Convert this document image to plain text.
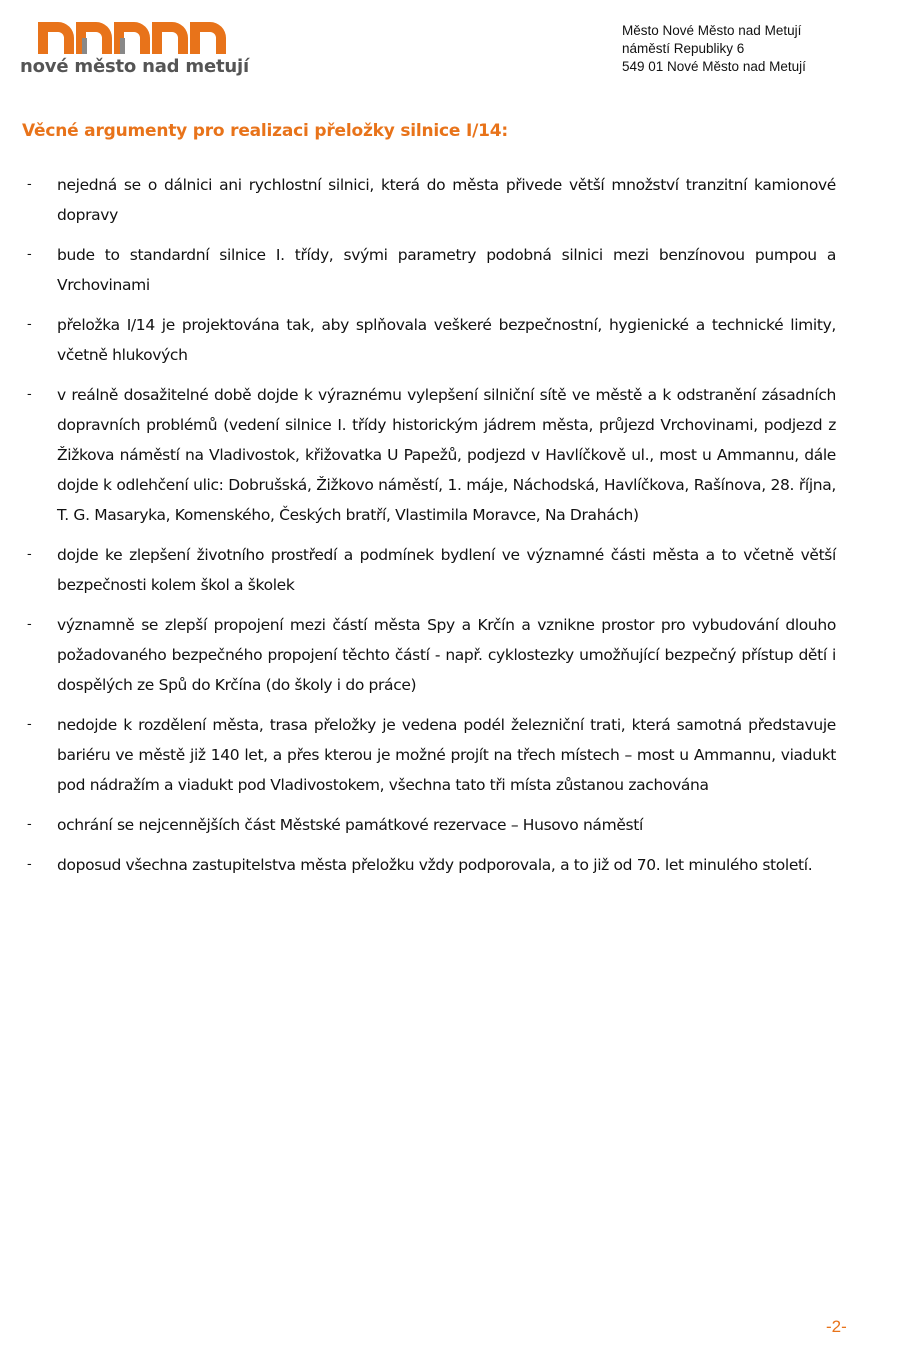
nové město nad metují
Město Nové Město nad Metují
náměstí Republiky 6
549 01 Nové Město nad Metují
Věcné argumenty pro realizaci přeložky silnice I/14:
- nejedná se o dálnici ani rychlostní silnici, která do města přivede větší množství tranzitní kamionové dopravy
- bude to standardní silnice I. třídy, svými parametry podobná silnici mezi benzínovou pumpou a Vrchovinami
- přeložka I/14 je projektována tak, aby splňovala veškeré bezpečnostní, hygienické a technické limity, včetně hlukových
- v reálně dosažitelné době dojde k výraznému vylepšení silniční sítě ve městě a k odstranění zásadních dopravních problémů (vedení silnice I. třídy historickým jádrem města, průjezd Vrchovinami, podjezd z Žižkova náměstí na Vladivostok, křižovatka U Papežů, podjezd v Havlíčkově ul., most u Ammannu, dále dojde k odlehčení ulic: Dobrušská, Žižkovo náměstí, 1. máje, Náchodská, Havlíčkova, Rašínova, 28. října, T. G. Masaryka, Komenského, Českých bratří, Vlastimila Moravce, Na Drahách)
- dojde ke zlepšení životního prostředí a podmínek bydlení ve významné části města a to včetně větší bezpečnosti kolem škol a školek
- významně se zlepší propojení mezi částí města Spy a Krčín a vznikne prostor pro vybudování dlouho požadovaného bezpečného propojení těchto částí - např. cyklostezky umožňující bezpečný přístup dětí i dospělých ze Spů do Krčína (do školy i do práce)
- nedojde k rozdělení města, trasa přeložky je vedena podél železniční trati, která samotná představuje bariéru ve městě již 140 let, a přes kterou je možné projít na třech místech – most u Ammannu, viadukt pod nádražím a viadukt pod Vladivostokem, všechna tato tři místa zůstanou zachována
- ochrání se nejcennějších část Městské památkové rezervace – Husovo náměstí
- doposud všechna zastupitelstva města přeložku vždy podporovala, a to již od 70. let minulého století.
-2-
